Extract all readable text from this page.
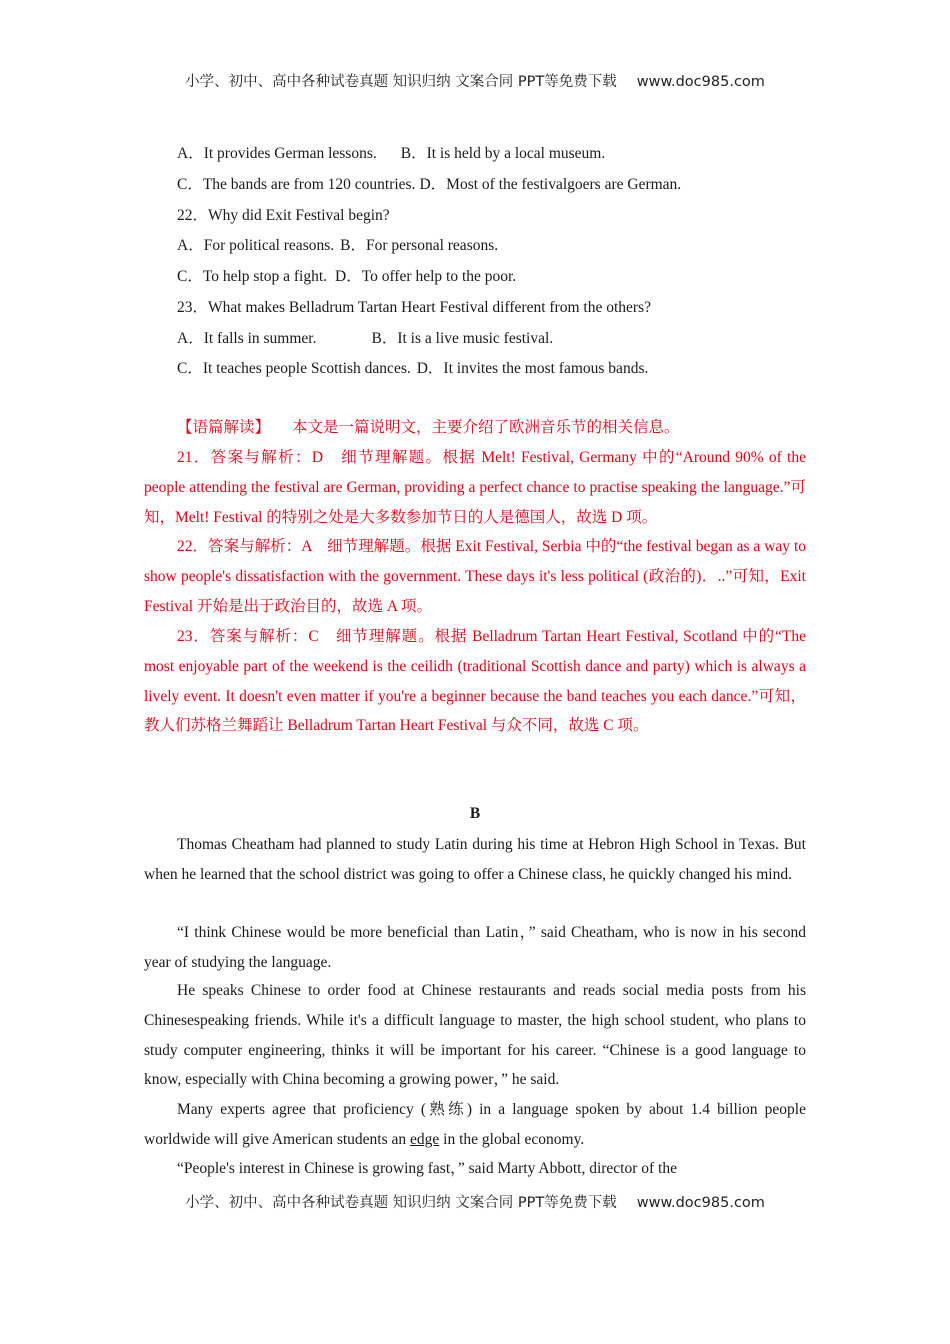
小学、初中、高中各种试卷真题 知识归纳 文案合同 PPT等免费下载 www.doc985.com
A．It provides German lessons. B．It is held by a local museum.
C．The bands are from 120 countries. D．Most of the festivalgoers are German.
22．Why did Exit Festival begin?
A．For political reasons. B．For personal reasons.
C．To help stop a fight. D．To offer help to the poor.
23．What makes Belladrum Tartan Heart Festival different from the others?
A．It falls in summer.	B．It is a live music festival.
C．It teaches people Scottish dances. D．It invites the most famous bands.
【语篇解读】 本文是一篇说明文，主要介绍了欧洲音乐节的相关信息。
21．答案与解析：D　细节理解题。根据 Melt! Festival, Germany 中的“Around 90% of the people attending the festival are German, providing a perfect chance to practise speaking the language.”可知，Melt! Festival 的特别之处是大多数参加节日的人是德国人，故选 D 项。
22．答案与解析：A　细节理解题。根据 Exit Festival, Serbia 中的“the festival began as a way to show people's dissatisfaction with the government. These days it's less political (政治的)．..”可知，Exit Festival 开始是出于政治目的，故选 A 项。
23．答案与解析：C　细节理解题。根据 Belladrum Tartan Heart Festival, Scotland 中的“The most enjoyable part of the weekend is the ceilidh (traditional Scottish dance and party) which is always a lively event. It doesn't even matter if you're a beginner because the band teaches you each dance.”可知，教人们苏格兰舞蹈让 Belladrum Tartan Heart Festival 与众不同，故选 C 项。
B
Thomas Cheatham had planned to study Latin during his time at Hebron High School in Texas. But when he learned that the school district was going to offer a Chinese class, he quickly changed his mind.
“I think Chinese would be more beneficial than Latin，” said Cheatham, who is now in his second year of studying the language.
He speaks Chinese to order food at Chinese restaurants and reads social media posts from his Chinesespeaking friends. While it's a difficult language to master, the high school student, who plans to study computer engineering, thinks it will be important for his career. “Chinese is a good language to know, especially with China becoming a growing power，” he said.
Many experts agree that proficiency (熟练) in a language spoken by about 1.4 billion people worldwide will give American students an edge in the global economy.
“People's interest in Chinese is growing fast，” said Marty Abbott, director of the
小学、初中、高中各种试卷真题 知识归纳 文案合同 PPT等免费下载 www.doc985.com
